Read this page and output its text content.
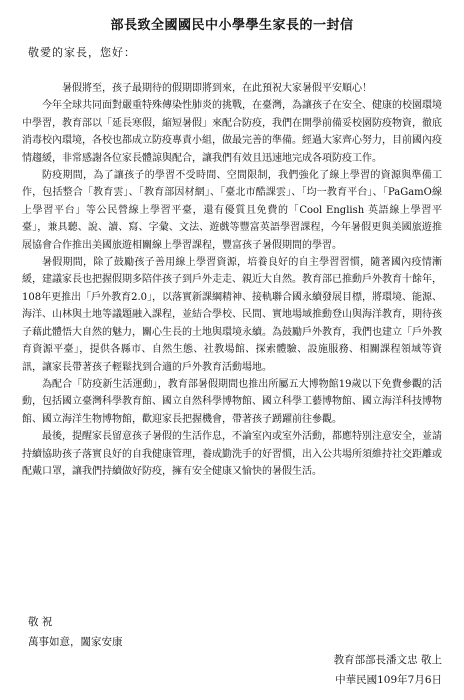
部長致全國國民中小學學生家長的一封信
敬愛的家長，您好：

暑假將至，孩子最期待的假期即將到來，在此預祝大家暑假平安順心！

今年全球共同面對嚴重特殊傳染性肺炎的挑戰，在臺灣，為讓孩子在安全、健康的校園環境中學習，教育部以「延長寒假，縮短暑假」來配合防疫，我們在開學前備妥校園防疫物資，徹底消毒校內環境，各校也都成立防疫專責小組，做最完善的準備。經過大家齊心努力，目前國內疫情趨緩，非常感謝各位家長體諒與配合，讓我們有效且迅速地完成各項防疫工作。

防疫期間，為了讓孩子的學習不受時間、空間限制，我們強化了線上學習的資源與準備工作，包括整合「教育雲」、「教育部因材網」、「臺北市酷課雲」、「均一教育平台」、「PaGamO線上學習平台」等公民營線上學習平臺，還有優質且免費的「Cool English 英語線上學習平臺」，兼具聽、說、讀、寫、字彙、文法、遊戲等豐富英語學習課程，今年暑假更與美國旅遊推展協會合作推出美國旅遊相關線上學習課程，豐富孩子暑假期間的學習。

暑假期間，除了鼓勵孩子善用線上學習資源，培養良好的自主學習習慣，隨著國內疫情漸緩，建議家長也把握假期多陪伴孩子到戶外走走、親近大自然。教育部已推動戶外教育十餘年，108年更推出「戶外教育2.0」，以落實新課綱精神、接軌聯合國永續發展目標，將環境、能源、海洋、山林與土地等議題融入課程，並結合學校、民間、實地場域推動登山與海洋教育，期待孩子藉此體悟大自然的魅力，關心生長的土地與環境永續。為鼓勵戶外教育，我們也建立「戶外教育資源平臺」，提供各縣市、自然生態、社教場館、探索體驗、設施服務、相關課程領域等資訊，讓家長帶著孩子輕鬆找到合適的戶外教育活動場地。

為配合「防疫新生活運動」，教育部暑假期間也推出所屬五大博物館19歲以下免費參觀的活動，包括國立臺灣科學教育館、國立自然科學博物館、國立科學工藝博物館、國立海洋科技博物館、國立海洋生物博物館，歡迎家長把握機會，帶著孩子踴躍前往參觀。

最後，提醒家長留意孩子暑假的生活作息，不論室內或室外活動，都應特別注意安全，並請持續協助孩子落實良好的自我健康管理，養成勤洗手的好習慣，出入公共場所須維持社交距離或配戴口罩，讓我們持續做好防疫，擁有安全健康又愉快的暑假生活。

敬 祝
萬事如意，闔家安康
教育部部長潘文忠 敬上
中華民國109年7月6日
